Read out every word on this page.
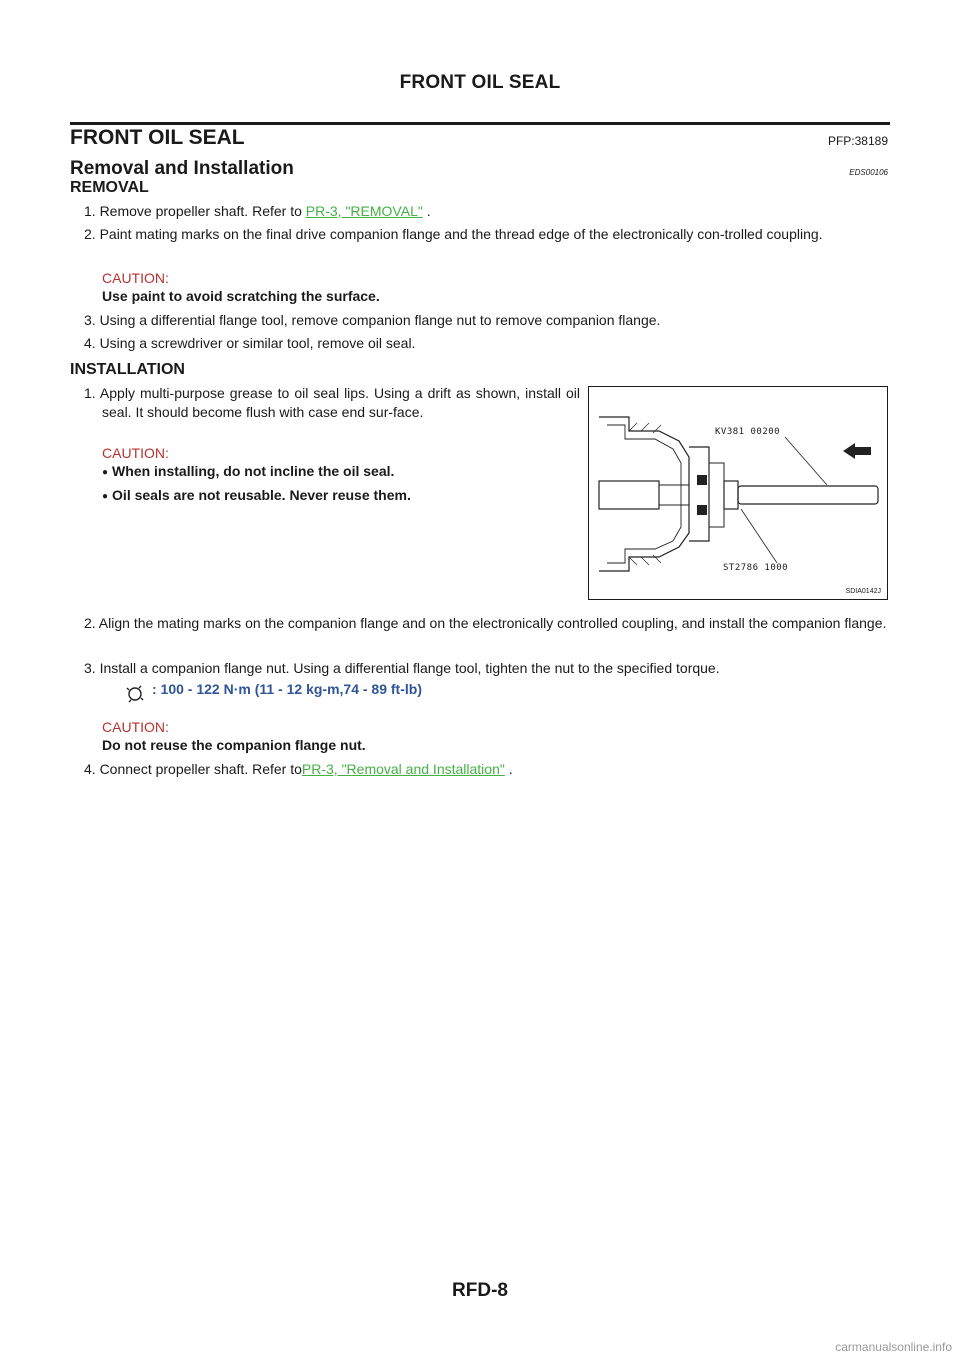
FRONT OIL SEAL
FRONT OIL SEAL	PFP:38189
Removal and Installation	EDS00106
REMOVAL
1. Remove propeller shaft. Refer to PR-3, "REMOVAL" .
2. Paint mating marks on the final drive companion flange and the thread edge of the electronically con-trolled coupling.
CAUTION:
Use paint to avoid scratching the surface.
3. Using a differential flange tool, remove companion flange nut to remove companion flange.
4. Using a screwdriver or similar tool, remove oil seal.
INSTALLATION
1. Apply multi-purpose grease to oil seal lips. Using a drift as shown, install oil seal. It should become flush with case end sur-face.
CAUTION:
● When installing, do not incline the oil seal.
● Oil seals are not reusable. Never reuse them.
KV381 00200
ST2786 1000
SDIA0142J
2. Align the mating marks on the companion flange and on the electronically controlled coupling, and install the companion flange.
3. Install a companion flange nut. Using a differential flange tool, tighten the nut to the specified torque.
: 100 - 122 N·m (11 - 12 kg-m,74 - 89 ft-lb)
CAUTION:
Do not reuse the companion flange nut.
4. Connect propeller shaft. Refer toPR-3, "Removal and Installation" .
RFD-8
carmanualsonline.info
